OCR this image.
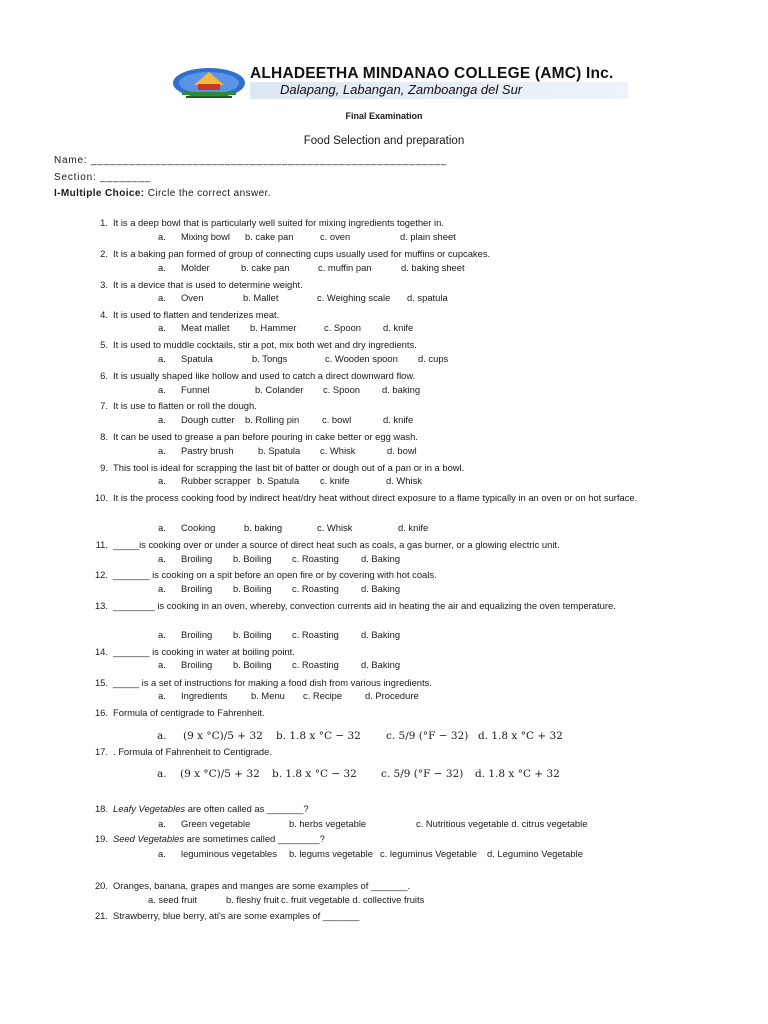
ALHADEETHA MINDANAO COLLEGE (AMC) Inc.
Dalapang, Labangan, Zamboanga del Sur
Final Examination
Food Selection and preparation
Name: ________________________________________________________
Section: ________
I-Multiple Choice: Circle the correct answer.
1. It is a deep bowl that is particularly well suited for mixing ingredients together in.
2. It is a baking pan formed of group of connecting cups usually used for muffins or cupcakes.
3. It is a device that is used to determine weight.
4. It is used to flatten and tenderizes meat.
5. It is used to muddle cocktails, stir a pot, mix both wet and dry ingredients.
6. It is usually shaped like hollow and used to catch a direct downward flow.
7. It is use to flatten or roll the dough.
8. It can be used to grease a pan before pouring in cake better or egg wash.
9. This tool is ideal for scrapping the last bit of batter or dough out of a pan or in a bowl.
10. It is the process cooking food by indirect heat/dry heat without direct exposure to a flame typically in an oven or on hot surface.
11. _____is cooking over or under a source of direct heat such as coals, a gas burner, or a glowing electric unit.
12. _______ is cooking on a spit before an open fire or by covering with hot coals.
13. ________ is cooking in an oven, whereby, convection currents aid in heating the air and equalizing the oven temperature.
14. _______ is cooking in water at boiling point.
15. _____ is a set of instructions for making a food dish from various ingredients.
16. Formula of centigrade to Fahrenheit.
17. . Formula of Fahrenheit to Centigrade.
18. Leafy Vegetables are often called as _______?
19. Seed Vegetables are sometimes called ________?
20. Oranges, banana, grapes and manges are some examples of _______.
21. Strawberry, blue berry, ati's are some examples of _______
a. Mixing bowl b. cake pan	c. oven	d. plain sheet
a. Molder	b. cake pan	c. muffin pan	d. baking sheet
a. Oven	b. Mallet	c. Weighing scale d. spatula
a. Meat mallet b. Hammer	c. Spoon d. knife
a. Spatula	b. Tongs	c. Wooden spoon d. cups
a. Funnel	b. Colander c. Spoon d. baking
a. Dough cutter b. Rolling pin c. bowl	d. knife
a. Pastry brush	b. Spatula c. Whisk	d. bowl
a. Rubber scrapper b. Spatula c. knife	d. Whisk
a. Cooking	b. baking	c. Whisk	d. knife
a. Broiling b. Boiling c. Roasting d. Baking
a. Broiling b. Boiling c. Roasting d. Baking
a. Broiling b. Boiling c. Roasting d. Baking
a. Broiling b. Boiling c. Roasting d. Baking
a. Ingredients	b. Menu c. Recipe d. Procedure
a. (9 x °C)/5 + 32 b. 1.8 x °C − 32 c. 5/9 (°F − 32) d. 1.8 x °C + 32
a. (9 x °C)/5 + 32 b. 1.8 x °C − 32 c. 5/9 (°F − 32) d. 1.8 x °C + 32
a. Green vegetable	b. herbs vegetable	c. Nutritious vegetable d. citrus vegetable
a. leguminous vegetables b. legums vegetable c. leguminus Vegetable d. Legumino Vegetable
a. seed fruit	b. fleshy fruit c. fruit vegetable d. collective fruits
